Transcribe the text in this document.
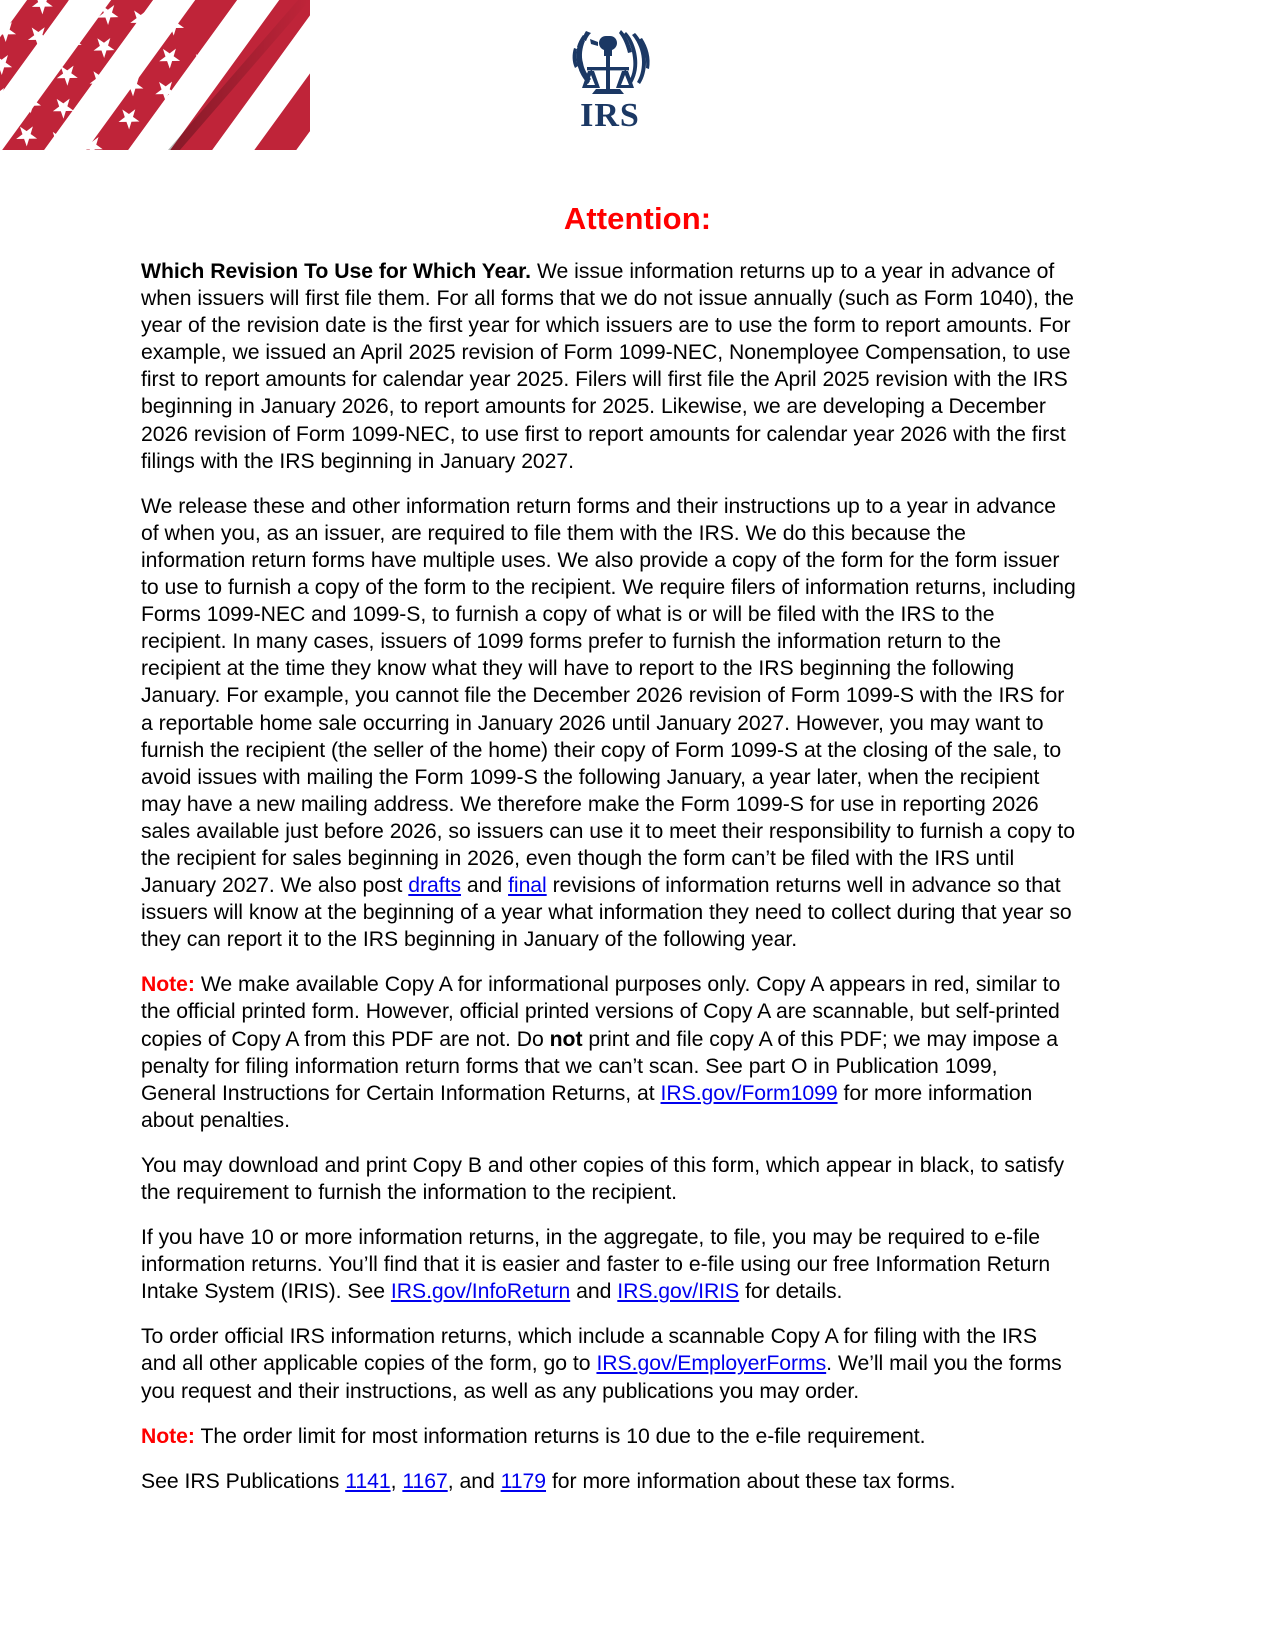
IRS
Attention:

Which Revision To Use for Which Year. We issue information returns up to a year in advance of when issuers will first file them. For all forms that we do not issue annually (such as Form 1040), the year of the revision date is the first year for which issuers are to use the form to report amounts. For example, we issued an April 2025 revision of Form 1099-NEC, Nonemployee Compensation, to use first to report amounts for calendar year 2025. Filers will first file the April 2025 revision with the IRS beginning in January 2026, to report amounts for 2025. Likewise, we are developing a December 2026 revision of Form 1099-NEC, to use first to report amounts for calendar year 2026 with the first filings with the IRS beginning in January 2027.

We release these and other information return forms and their instructions up to a year in advance of when you, as an issuer, are required to file them with the IRS. We do this because the information return forms have multiple uses. We also provide a copy of the form for the form issuer to use to furnish a copy of the form to the recipient. We require filers of information returns, including Forms 1099-NEC and 1099-S, to furnish a copy of what is or will be filed with the IRS to the recipient. In many cases, issuers of 1099 forms prefer to furnish the information return to the recipient at the time they know what they will have to report to the IRS beginning the following January. For example, you cannot file the December 2026 revision of Form 1099-S with the IRS for a reportable home sale occurring in January 2026 until January 2027. However, you may want to furnish the recipient (the seller of the home) their copy of Form 1099-S at the closing of the sale, to avoid issues with mailing the Form 1099-S the following January, a year later, when the recipient may have a new mailing address. We therefore make the Form 1099-S for use in reporting 2026 sales available just before 2026, so issuers can use it to meet their responsibility to furnish a copy to the recipient for sales beginning in 2026, even though the form can’t be filed with the IRS until January 2027. We also post drafts and final revisions of information returns well in advance so that issuers will know at the beginning of a year what information they need to collect during that year so they can report it to the IRS beginning in January of the following year.

Note: We make available Copy A for informational purposes only. Copy A appears in red, similar to the official printed form. However, official printed versions of Copy A are scannable, but self-printed copies of Copy A from this PDF are not. Do not print and file copy A of this PDF; we may impose a penalty for filing information return forms that we can’t scan. See part O in Publication 1099, General Instructions for Certain Information Returns, at IRS.gov/Form1099 for more information about penalties.

You may download and print Copy B and other copies of this form, which appear in black, to satisfy the requirement to furnish the information to the recipient.

If you have 10 or more information returns, in the aggregate, to file, you may be required to e-file information returns. You’ll find that it is easier and faster to e-file using our free Information Return Intake System (IRIS). See IRS.gov/InfoReturn and IRS.gov/IRIS for details.

To order official IRS information returns, which include a scannable Copy A for filing with the IRS and all other applicable copies of the form, go to IRS.gov/EmployerForms. We’ll mail you the forms you request and their instructions, as well as any publications you may order.

Note: The order limit for most information returns is 10 due to the e-file requirement.

See IRS Publications 1141, 1167, and 1179 for more information about these tax forms.
